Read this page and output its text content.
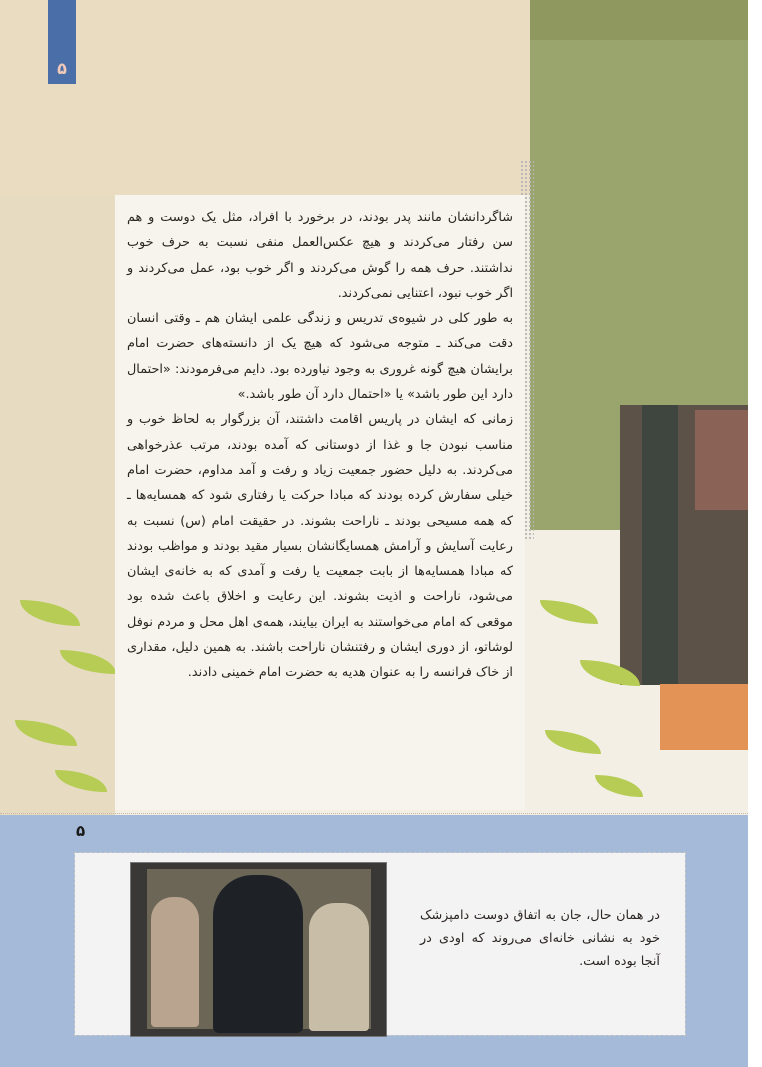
۵

شاگردانشان مانند پدر بودند، در برخورد با افراد، مثل یک دوست و هم سن رفتار می‌کردند و هیچ عکس‌العمل منفی نسبت به حرف خوب نداشتند. حرف همه را گوش می‌کردند و اگر خوب بود، عمل می‌کردند و اگر خوب نبود، اعتنایی نمی‌کردند.

به طور کلی در شیوه‌ی تدریس و زندگی علمی ایشان هم ـ وقتی انسان دقت می‌کند ـ متوجه می‌شود که هیچ یک از دانسته‌های حضرت امام برایشان هیچ گونه غروری به وجود نیاورده بود. دایم می‌فرمودند: «احتمال دارد این طور باشد» یا «احتمال دارد آن طور باشد.»

زمانی که ایشان در پاریس اقامت داشتند، آن بزرگوار به لحاظ خوب و مناسب نبودن جا و غذا از دوستانی که آمده بودند، مرتب عذرخواهی می‌کردند. به دلیل حضور جمعیت زیاد و رفت و آمد مداوم، حضرت امام خیلی سفارش کرده بودند که مبادا حرکت یا رفتاری شود که همسایه‌ها ـ که همه مسیحی بودند ـ ناراحت بشوند. در حقیقت امام (س) نسبت به رعایت آسایش و آرامش همسایگانشان بسیار مقید بودند و مواظب بودند که مبادا همسایه‌ها از بابت جمعیت یا رفت و آمدی که به خانه‌ی ایشان می‌شود، ناراحت و اذیت بشوند. این رعایت و اخلاق باعث شده بود موقعی که امام می‌خواستند به ایران بیایند، همه‌ی اهل محل و مردم نوفل لوشاتو، از دوری ایشان و رفتنشان ناراحت باشند. به همین دلیل، مقداری از خاک فرانسه را به عنوان هدیه به حضرت امام خمینی دادند.

۵
در همان حال، جان به اتفاق دوست دامپزشک خود به نشانی خانه‌ای می‌روند که اودی در آنجا بوده است.
